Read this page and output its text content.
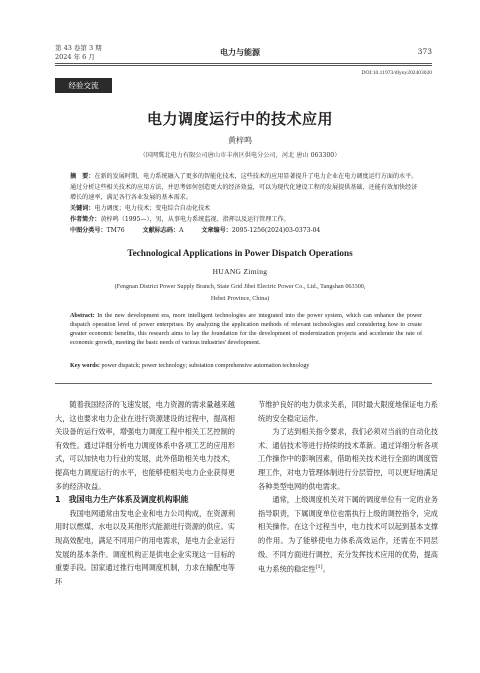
第 43 卷第 3 期
2024 年 6 月	电力与能源	373
DOI:10.11973/dlyny202403020
经验交流
电力调度运行中的技术应用
黄梓鸣
（国网冀北电力有限公司唐山市丰南区供电分公司，河北 唐山 063300）

摘　要：在新的发展时期，电力系统融入了更多的智能化技术，这些技术的应用显著提升了电力企业在电力调度运行方面的水平。通过分析这些相关技术的应用方法，并思考如何创造更大的经济效益，可以为现代化建设工程的发展提供基础，还能有效加快经济增长的速率，满足各行各业发展的基本需求。

关键词：电力调度；电力技术；变电综合自动化技术
作者简介：黄梓鸣（1995—），男，从事电力系统监视、指挥以及运行管理工作。
中图分类号：TM76	文献标志码：A	文章编号：2095-1256(2024)03-0373-04
Technological Applications in Power Dispatch Operations
HUANG Ziming
(Fengnan District Power Supply Branch, State Grid Jibei Electric Power Co., Ltd., Tangshan 063300,
Hebei Province, China)

Abstract: In the new development era, more intelligent technologies are integrated into the power system, which can enhance the power dispatch operation level of power enterprises. By analyzing the application methods of relevant technologies and considering how to create greater economic benefits, this research aims to lay the foundation for the development of modernization projects and accelerate the rate of economic growth, meeting the basic needs of various industries' development.

Key words: power dispatch; power technology; substation comprehensive automation technology

随着我国经济的飞速发展，电力资源的需求量越来越大，这也要求电力企业在进行资源建设的过程中，提高相关设备的运行效率，增强电力调度工程中相关工艺控制的有效性。通过详细分析电力调度体系中各项工艺的应用形式，可以加快电力行业的发展，此外借助相关电力技术，提高电力调度运行的水平，也能够使相关电力企业获得更多的经济收益。

1　我国电力生产体系及调度机构职能

我国电网通常由发电企业和电力公司构成，在资源利用时以燃煤、水电以及其他形式能源进行资源的供应。实现高效配电，满足不同用户的用电需求，是电力企业运行发展的基本条件。调度机构正是供电企业实现这一目标的重要手段。国家通过推行电网调度机制，力求在输配电等环

节维护良好的电力供求关系，同时最大限度地保证电力系统的安全稳定运作。

为了达到相关指令要求，我们必须对当前的自动化技术、通信技术等进行持续的技术革新。通过详细分析各项工作操作中的影响因素，借助相关技术进行全面的调度管理工作，对电力管理体制进行分层管控，可以更好地满足各种类型电网的供电需求。

通常，上级调度机关对下属的调度单位有一定的业务指导职责，下属调度单位也需执行上级的调控指令，完成相关操作。在这个过程当中，电力技术可以起到基本支撑的作用。为了能够使电力体系高效运作，还需在不同层级、不同方面进行调控，充分发挥技术应用的优势，提高电力系统的稳定性[1]。
